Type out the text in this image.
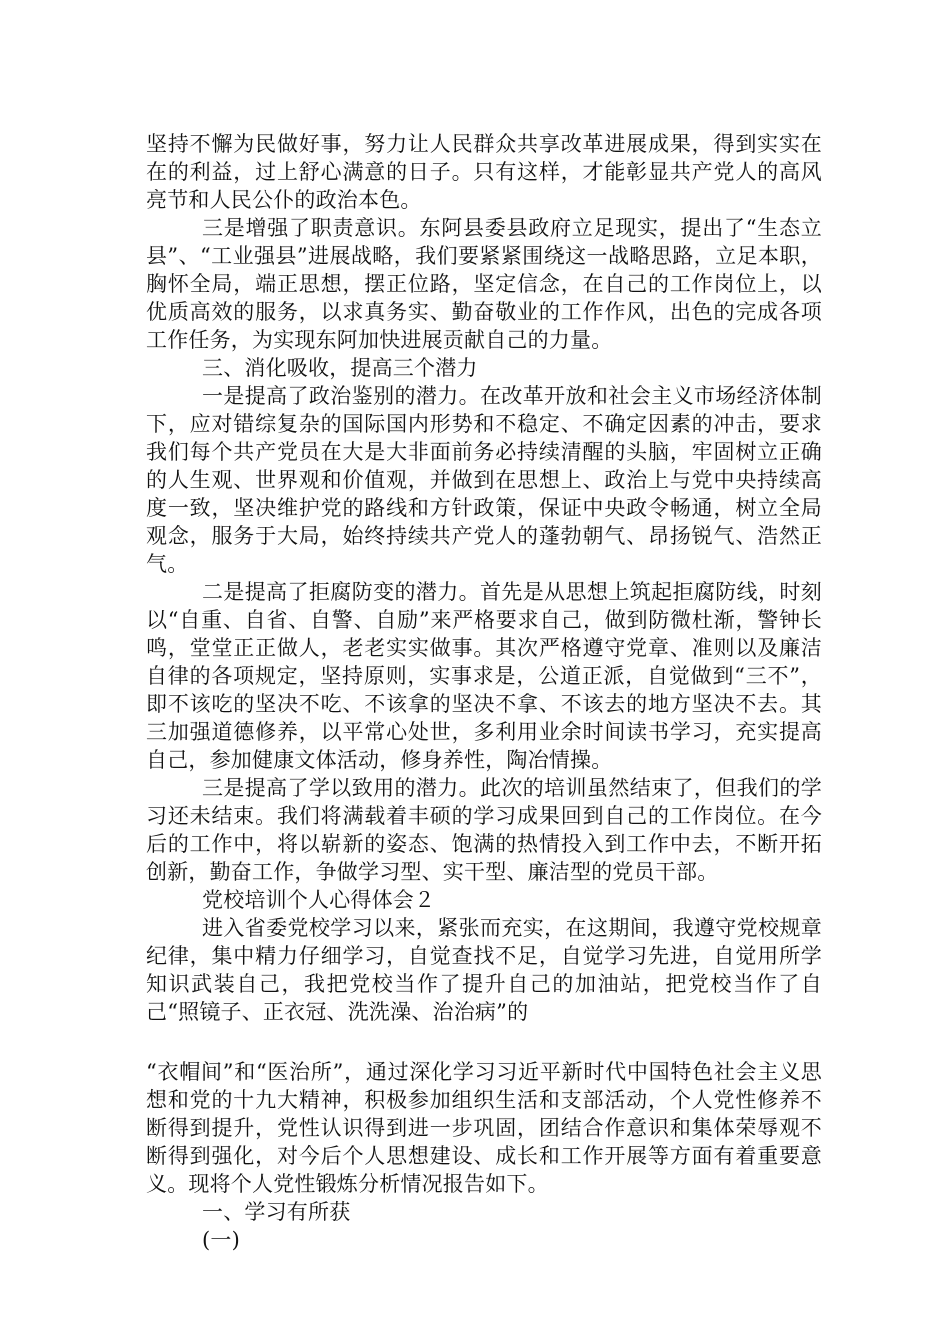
坚持不懈为民做好事，努力让人民群众共享改革进展成果，得到实实在在的利益，过上舒心满意的日子。只有这样，才能彰显共产党人的高风亮节和人民公仆的政治本色。

三是增强了职责意识。东阿县委县政府立足现实，提出了“生态立县”、“工业强县”进展战略，我们要紧紧围绕这一战略思路，立足本职，胸怀全局，端正思想，摆正位路，坚定信念，在自己的工作岗位上，以优质高效的服务，以求真务实、勤奋敬业的工作作风，出色的完成各项工作任务，为实现东阿加快进展贡献自己的力量。

三、消化吸收，提高三个潜力

一是提高了政治鉴别的潜力。在改革开放和社会主义市场经济体制下，应对错综复杂的国际国内形势和不稳定、不确定因素的冲击，要求我们每个共产党员在大是大非面前务必持续清醒的头脑，牢固树立正确的人生观、世界观和价值观，并做到在思想上、政治上与党中央持续高度一致，坚决维护党的路线和方针政策，保证中央政令畅通，树立全局观念，服务于大局，始终持续共产党人的蓬勃朝气、昂扬锐气、浩然正气。

二是提高了拒腐防变的潜力。首先是从思想上筑起拒腐防线，时刻以“自重、自省、自警、自励”来严格要求自己，做到防微杜渐，警钟长鸣，堂堂正正做人，老老实实做事。其次严格遵守党章、准则以及廉洁自律的各项规定，坚持原则，实事求是，公道正派，自觉做到“三不”，即不该吃的坚决不吃、不该拿的坚决不拿、不该去的地方坚决不去。其三加强道德修养，以平常心处世，多利用业余时间读书学习，充实提高自己，参加健康文体活动，修身养性，陶冶情操。

三是提高了学以致用的潜力。此次的培训虽然结束了，但我们的学习还未结束。我们将满载着丰硕的学习成果回到自己的工作岗位。在今后的工作中，将以崭新的姿态、饱满的热情投入到工作中去，不断开拓创新，勤奋工作，争做学习型、实干型、廉洁型的党员干部。

党校培训个人心得体会２

进入省委党校学习以来，紧张而充实，在这期间，我遵守党校规章纪律，集中精力仔细学习，自觉查找不足，自觉学习先进，自觉用所学知识武装自己，我把党校当作了提升自己的加油站，把党校当作了自己“照镜子、正衣冠、洗洗澡、治治病”的

“衣帽间”和“医治所”，通过深化学习习近平新时代中国特色社会主义思想和党的十九大精神，积极参加组织生活和支部活动，个人党性修养不断得到提升，党性认识得到进一步巩固，团结合作意识和集体荣辱观不断得到强化，对今后个人思想建设、成长和工作开展等方面有着重要意义。现将个人党性锻炼分析情况报告如下。

一、学习有所获

(一)
